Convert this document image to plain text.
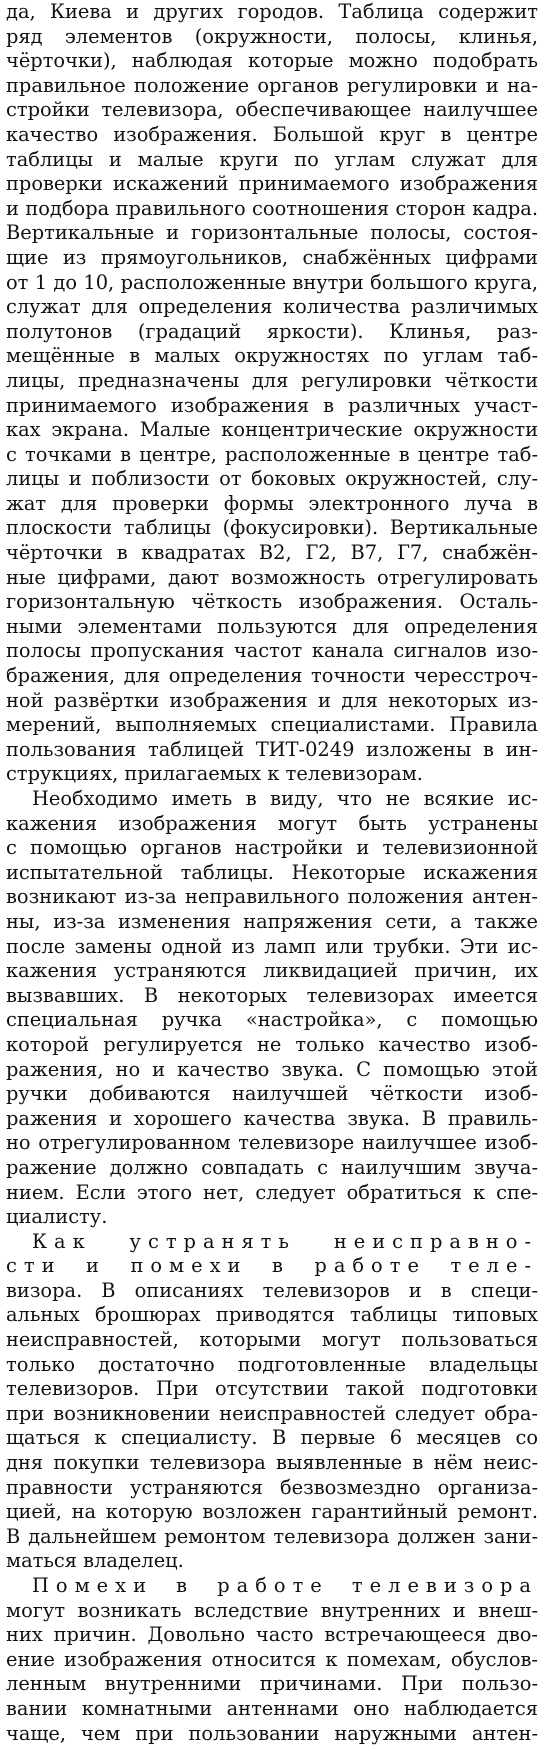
да, Киева и других городов. Таблица содержит
ряд элементов (окружности, полосы, клинья,
чёрточки), наблюдая которые можно подобрать
правильное положение органов регулировки и на-
стройки телевизора, обеспечивающее наилучшее
качество изображения. Большой круг в центре
таблицы и малые круги по углам служат для
проверки искажений принимаемого изображения
и подбора правильного соотношения сторон кадра.
Вертикальные и горизонтальные полосы, состоя-
щие из прямоугольников, снабжённых цифрами
от 1 до 10, расположенные внутри большого круга,
служат для определения количества различимых
полутонов (градаций яркости). Клинья, раз-
мещённые в малых окружностях по углам таб-
лицы, предназначены для регулировки чёткости
принимаемого изображения в различных участ-
ках экрана. Малые концентрические окружности
с точками в центре, расположенные в центре таб-
лицы и поблизости от боковых окружностей, слу-
жат для проверки формы электронного луча в
плоскости таблицы (фокусировки). Вертикальные
чёрточки в квадратах В2, Г2, В7, Г7, снабжён-
ные цифрами, дают возможность отрегулировать
горизонтальную чёткость изображения. Осталь-
ными элементами пользуются для определения
полосы пропускания частот канала сигналов изо-
бражения, для определения точности чересстроч-
ной развёртки изображения и для некоторых из-
мерений, выполняемых специалистами. Правила
пользования таблицей ТИТ-0249 изложены в ин-
струкциях, прилагаемых к телевизорам.
Необходимо иметь в виду, что не всякие ис-
кажения изображения могут быть устранены
с помощью органов настройки и телевизионной
испытательной таблицы. Некоторые искажения
возникают из-за неправильного положения антен-
ны, из-за изменения напряжения сети, а также
после замены одной из ламп или трубки. Эти ис-
кажения устраняются ликвидацией причин, их
вызвавших. В некоторых телевизорах имеется
специальная ручка «настройка», с помощью
которой регулируется не только качество изоб-
ражения, но и качество звука. С помощью этой
ручки добиваются наилучшей чёткости изоб-
ражения и хорошего качества звука. В правиль-
но отрегулированном телевизоре наилучшее изоб-
ражение должно совпадать с наилучшим звуча-
нием. Если этого нет, следует обратиться к спе-
циалисту.
Как устранять неисправно-
сти и помехи в работе теле-
визора. В описаниях телевизоров и в специ-
альных брошюрах приводятся таблицы типовых
неисправностей, которыми могут пользоваться
только достаточно подготовленные владельцы
телевизоров. При отсутствии такой подготовки
при возникновении неисправностей следует обра-
щаться к специалисту. В первые 6 месяцев со
дня покупки телевизора выявленные в нём неис-
правности устраняются безвозмездно организа-
цией, на которую возложен гарантийный ремонт.
В дальнейшем ремонтом телевизора должен зани-
маться владелец.
Помехи в работе телевизора
могут возникать вследствие внутренних и внеш-
них причин. Довольно часто встречающееся дво-
ение изображения относится к помехам, обуслов-
ленным внутренними причинами. При пользо-
вании комнатными антеннами оно наблюдается
чаще, чем при пользовании наружными антен-
